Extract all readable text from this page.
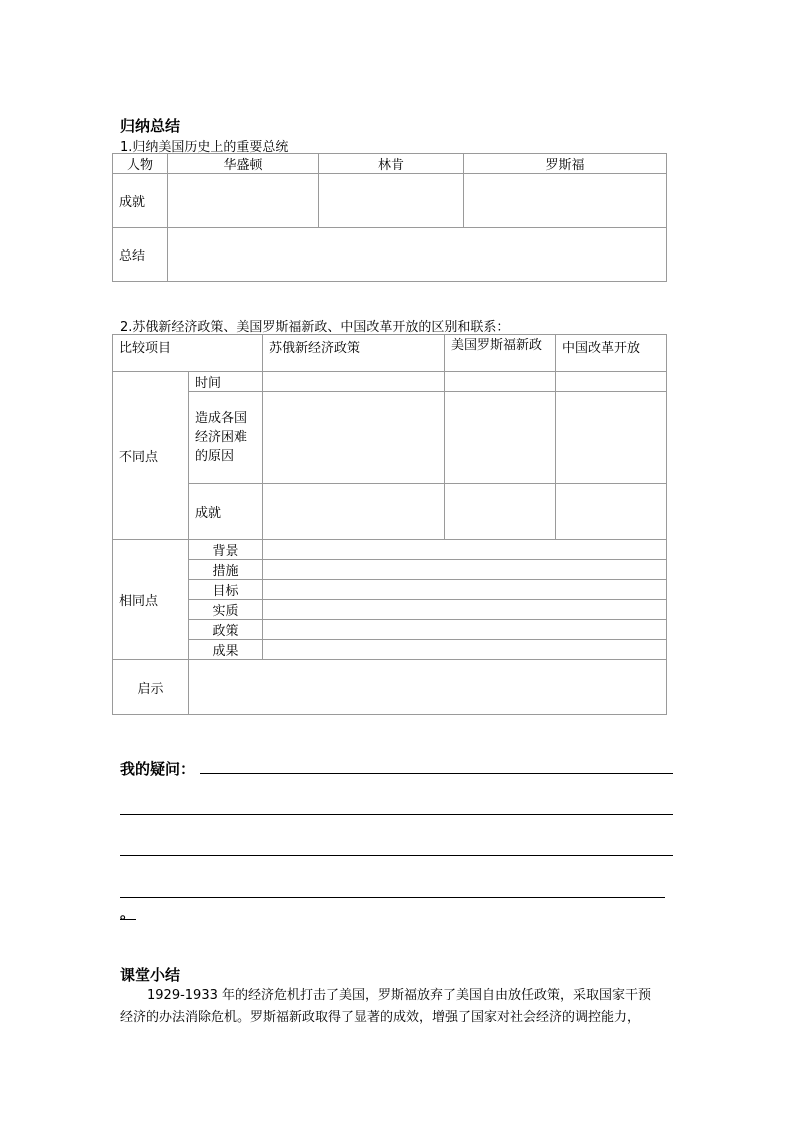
归纳总结
1.归纳美国历史上的重要总统
人物	华盛顿	林肯	罗斯福
成就			
总结			
2.苏俄新经济政策、美国罗斯福新政、中国改革开放的区别和联系：
比较项目		苏俄新经济政策	美国罗斯福新政	中国改革开放
不同点	时间			
	造成各国经济困难的原因			
	成就			
相同点	背景			
	措施			
	目标			
	实质			
	政策			
	成果			
启示				
我的疑问：
。
课堂小结
1929-1933 年的经济危机打击了美国，罗斯福放弃了美国自由放任政策，采取国家干预
经济的办法消除危机。罗斯福新政取得了显著的成效，增强了国家对社会经济的调控能力，
